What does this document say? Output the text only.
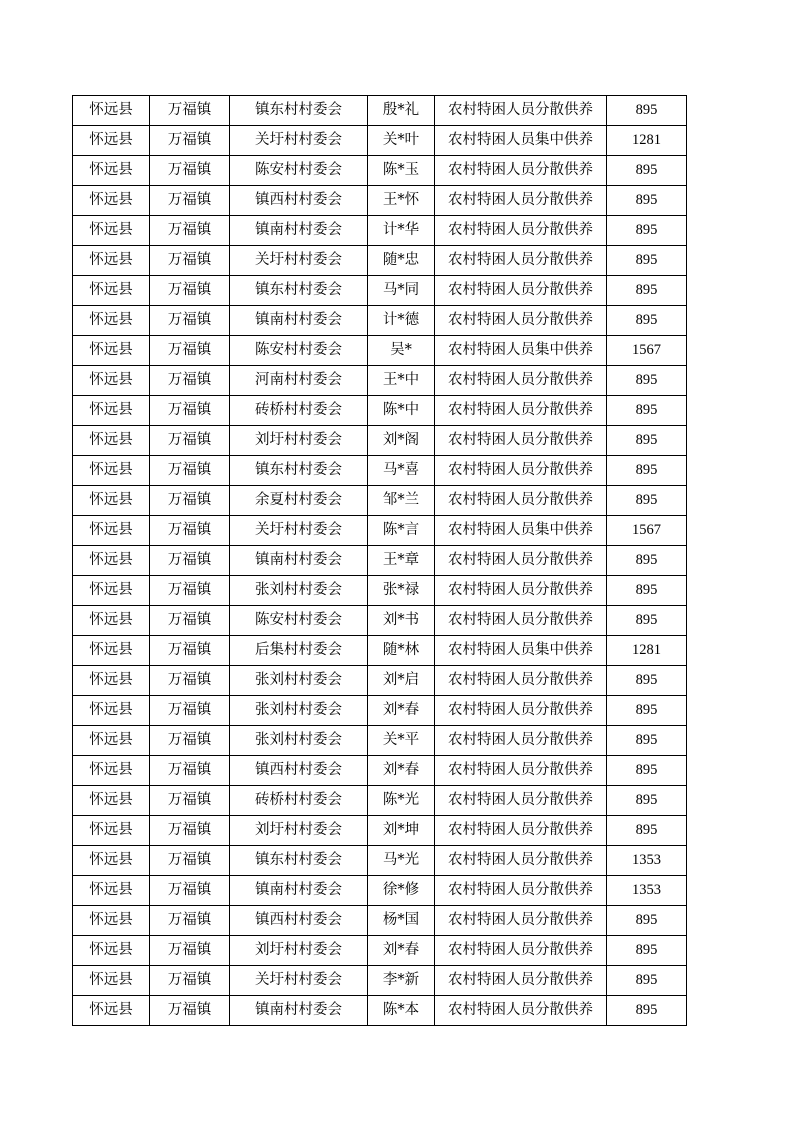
怀远县	万福镇	镇东村村委会	殷*礼	农村特困人员分散供养	895
怀远县	万福镇	关圩村村委会	关*叶	农村特困人员集中供养	1281
怀远县	万福镇	陈安村村委会	陈*玉	农村特困人员分散供养	895
怀远县	万福镇	镇西村村委会	王*怀	农村特困人员分散供养	895
怀远县	万福镇	镇南村村委会	计*华	农村特困人员分散供养	895
怀远县	万福镇	关圩村村委会	随*忠	农村特困人员分散供养	895
怀远县	万福镇	镇东村村委会	马*同	农村特困人员分散供养	895
怀远县	万福镇	镇南村村委会	计*德	农村特困人员分散供养	895
怀远县	万福镇	陈安村村委会	吴*	农村特困人员集中供养	1567
怀远县	万福镇	河南村村委会	王*中	农村特困人员分散供养	895
怀远县	万福镇	砖桥村村委会	陈*中	农村特困人员分散供养	895
怀远县	万福镇	刘圩村村委会	刘*阁	农村特困人员分散供养	895
怀远县	万福镇	镇东村村委会	马*喜	农村特困人员分散供养	895
怀远县	万福镇	余夏村村委会	邹*兰	农村特困人员分散供养	895
怀远县	万福镇	关圩村村委会	陈*言	农村特困人员集中供养	1567
怀远县	万福镇	镇南村村委会	王*章	农村特困人员分散供养	895
怀远县	万福镇	张刘村村委会	张*禄	农村特困人员分散供养	895
怀远县	万福镇	陈安村村委会	刘*书	农村特困人员分散供养	895
怀远县	万福镇	后集村村委会	随*林	农村特困人员集中供养	1281
怀远县	万福镇	张刘村村委会	刘*启	农村特困人员分散供养	895
怀远县	万福镇	张刘村村委会	刘*春	农村特困人员分散供养	895
怀远县	万福镇	张刘村村委会	关*平	农村特困人员分散供养	895
怀远县	万福镇	镇西村村委会	刘*春	农村特困人员分散供养	895
怀远县	万福镇	砖桥村村委会	陈*光	农村特困人员分散供养	895
怀远县	万福镇	刘圩村村委会	刘*坤	农村特困人员分散供养	895
怀远县	万福镇	镇东村村委会	马*光	农村特困人员分散供养	1353
怀远县	万福镇	镇南村村委会	徐*修	农村特困人员分散供养	1353
怀远县	万福镇	镇西村村委会	杨*国	农村特困人员分散供养	895
怀远县	万福镇	刘圩村村委会	刘*春	农村特困人员分散供养	895
怀远县	万福镇	关圩村村委会	李*新	农村特困人员分散供养	895
怀远县	万福镇	镇南村村委会	陈*本	农村特困人员分散供养	895
